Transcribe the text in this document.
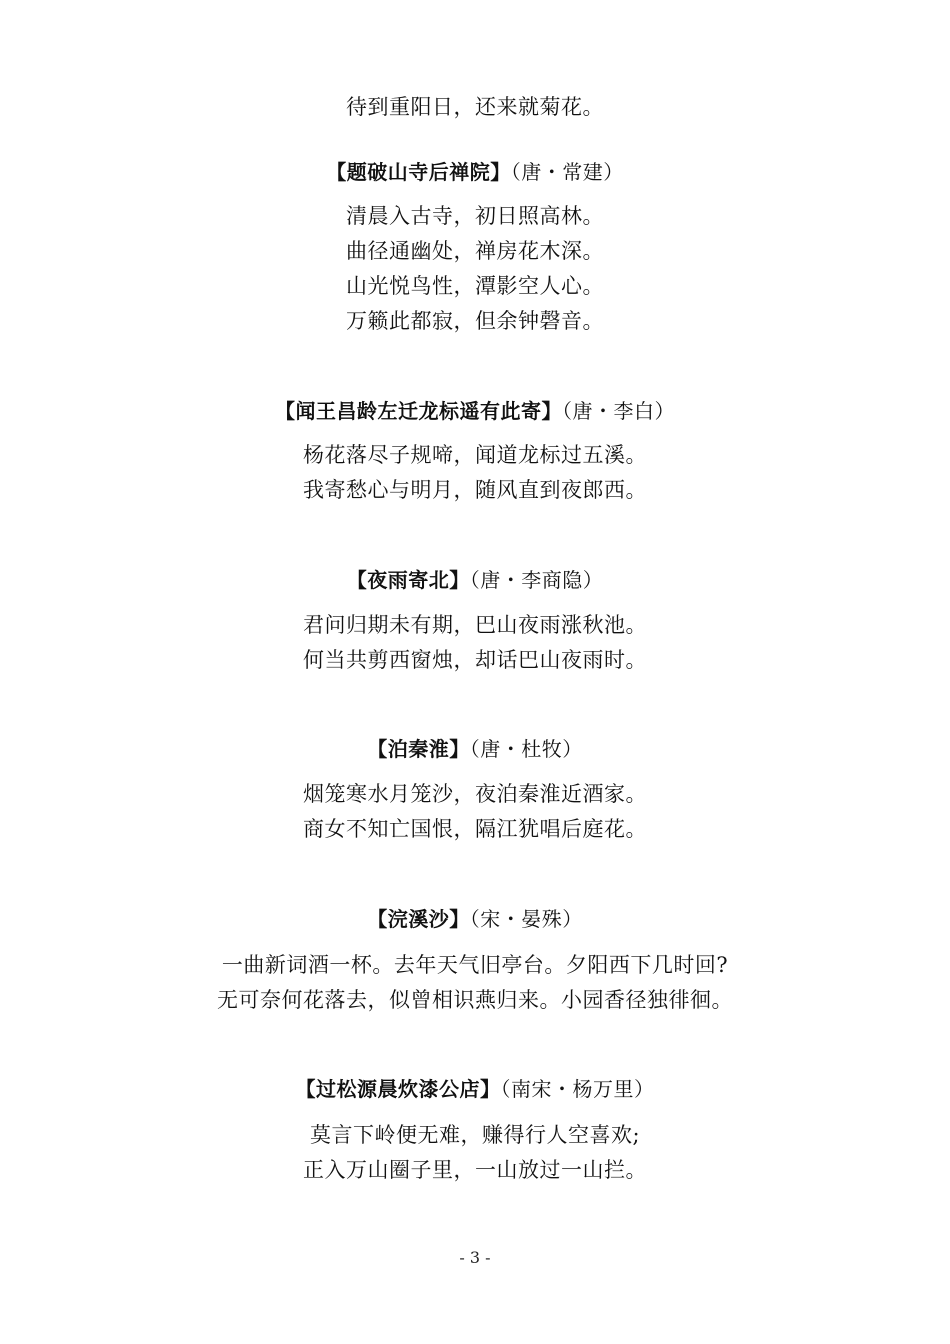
待到重阳日，还来就菊花。
【题破山寺后禅院】（唐・常建）
清晨入古寺，初日照高林。
曲径通幽处，禅房花木深。
山光悦鸟性，潭影空人心。
万籁此都寂，但余钟磬音。
【闻王昌龄左迁龙标遥有此寄】（唐・李白）
杨花落尽子规啼，闻道龙标过五溪。
我寄愁心与明月，随风直到夜郎西。
【夜雨寄北】（唐・李商隐）
君问归期未有期，巴山夜雨涨秋池。
何当共剪西窗烛，却话巴山夜雨时。
【泊秦淮】（唐・杜牧）
烟笼寒水月笼沙，夜泊秦淮近酒家。
商女不知亡国恨，隔江犹唱后庭花。
【浣溪沙】（宋・晏殊）
一曲新词酒一杯。去年天气旧亭台。夕阳西下几时回?
无可奈何花落去，似曾相识燕归来。小园香径独徘徊。
【过松源晨炊漆公店】（南宋・杨万里）
莫言下岭便无难，赚得行人空喜欢;
正入万山圈子里，一山放过一山拦。
- 3 -
